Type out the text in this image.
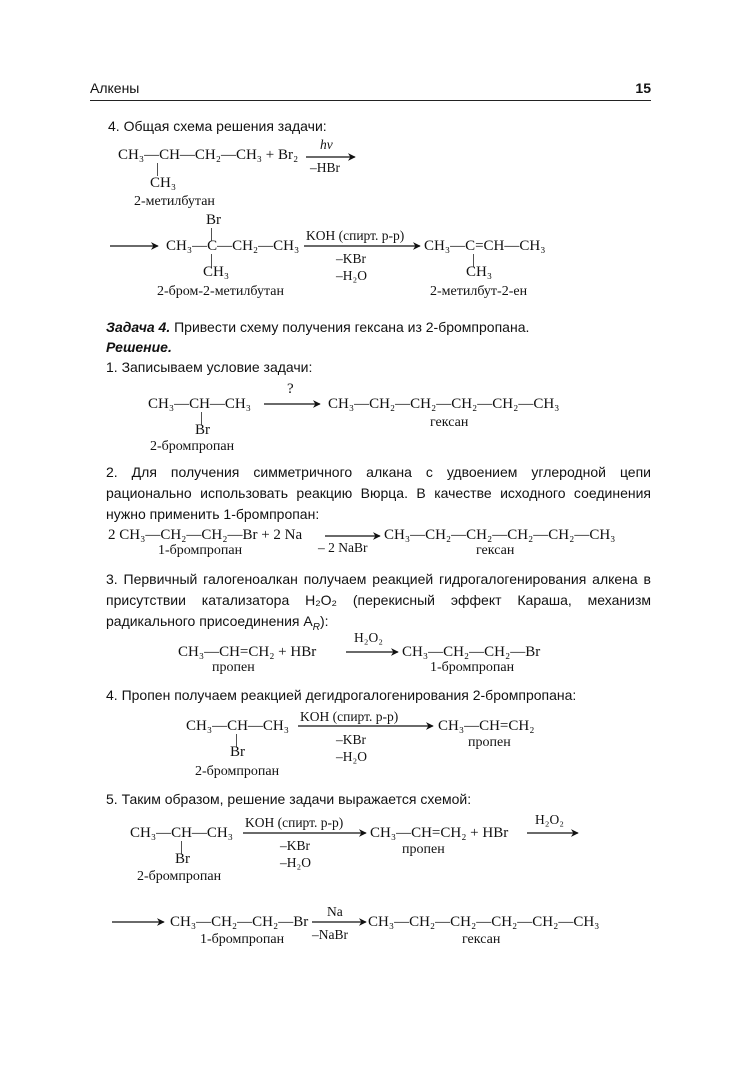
Алкены	15
4. Общая схема решения задачи:
CH₃—CH—CH₂—CH₃ + Br₂
|
CH₃
hν
–HBr
2-метилбутан
Br
|
CH₃—C—CH₂—CH₃
|
CH₃
KOH (спирт. р-р)
–KBr
–H₂O
CH₃—C=CH—CH₃
|
CH₃
2-бром-2-метилбутан	2-метилбут-2-ен
Задача 4. Привести схему получения гексана из 2-бромпропана.
Решение.
1. Записываем условие задачи:
CH₃—CH—CH₃
|
Br
?
CH₃—CH₂—CH₂—CH₂—CH₂—CH₃
2-бромпропан
гексан
2. Для получения симметричного алкана с удвоением углеродной цепи рационально использовать реакцию Вюрца. В качестве исходного соединения нужно применить 1-бромпропан:
2 CH₃—CH₂—CH₂—Br + 2 Na
– 2 NaBr
CH₃—CH₂—CH₂—CH₂—CH₂—CH₃
1-бромпропан	гексан
3. Первичный галогеноалкан получаем реакцией гидрогалогенирования алкена в присутствии катализатора H₂O₂ (перекисный эффект Караша, механизм радикального присоединения $A_R$):
CH₃—CH=CH₂ + HBr
H₂O₂
CH₃—CH₂—CH₂—Br
пропен	1-бромпропан
4. Пропен получаем реакцией дегидрогалогенирования 2-бромпропана:
CH₃—CH—CH₃
|
Br
KOH (спирт. р-р)
–KBr
–H₂O
CH₃—CH=CH₂
2-бромпропан
пропен
5. Таким образом, решение задачи выражается схемой:
CH₃—CH—CH₃
|
Br
KOH (спирт. р-р)
–KBr
–H₂O
CH₃—CH=CH₂ + HBr
H₂O₂
2-бромпропан
пропен
CH₃—CH₂—CH₂—Br
Na
–NaBr
CH₃—CH₂—CH₂—CH₂—CH₂—CH₃
1-бромпропан	гексан
